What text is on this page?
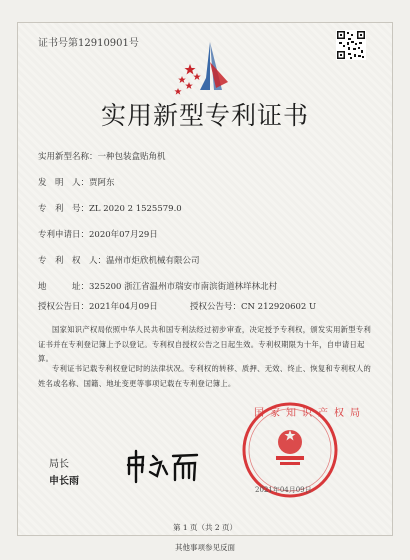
证书号第12910901号
实用新型专利证书
实用新型名称：一种包装盒贴角机
发　明　人：贾阿东
专　利　号：ZL 2020 2 1525579.0
专利申请日：2020年07月29日
专　利　权　人：温州市炬欣机械有限公司
地　　　址：325200 浙江省温州市瑞安市南滨街道林垟林北村
授权公告日：2021年04月09日	授权公告号：CN 212920602 U
国家知识产权局依照中华人民共和国专利法经过初步审查，决定授予专利权，颁发实用新型专利证书并在专利登记簿上予以登记。专利权自授权公告之日起生效。专利权期限为十年，自申请日起算。
专利证书记载专利权登记时的法律状况。专利权的转移、质押、无效、终止、恢复和专利权人的姓名或名称、国籍、地址变更等事项记载在专利登记簿上。
局长
申长雨
国家知识产权局
2021年04月09日
第 1 页（共 2 页）
其他事项参见反面
